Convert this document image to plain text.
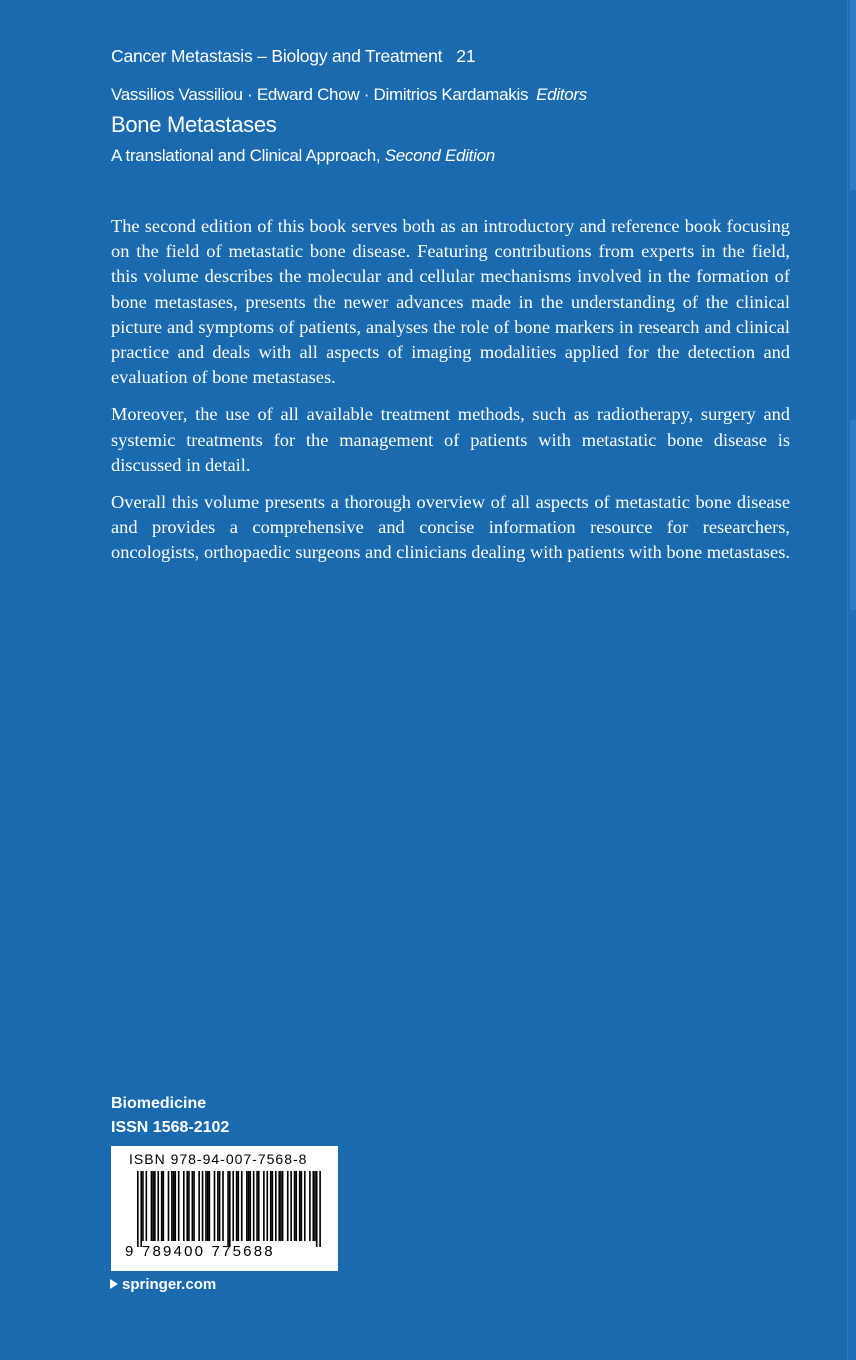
Cancer Metastasis – Biology and Treatment 21
Vassilios Vassiliou · Edward Chow · Dimitrios Kardamakis Editors
Bone Metastases
A translational and Clinical Approach, Second Edition

The second edition of this book serves both as an introductory and reference book focusing on the field of metastatic bone disease. Featuring contributions from experts in the field, this volume describes the molecular and cellular mechanisms involved in the formation of bone metastases, presents the newer advances made in the understanding of the clinical picture and symptoms of patients, analyses the role of bone markers in research and clinical practice and deals with all aspects of imaging modalities applied for the detection and evaluation of bone metastases.

Moreover, the use of all available treatment methods, such as radiotherapy, surgery and systemic treatments for the management of patients with metastatic bone disease is discussed in detail.

Overall this volume presents a thorough overview of all aspects of metastatic bone disease and provides a comprehensive and concise information resource for researchers, oncologists, orthopaedic surgeons and clinicians dealing with patients with bone metastases.

Biomedicine
ISSN 1568-2102
ISBN 978-94-007-7568-8
9 789400 775688
springer.com
